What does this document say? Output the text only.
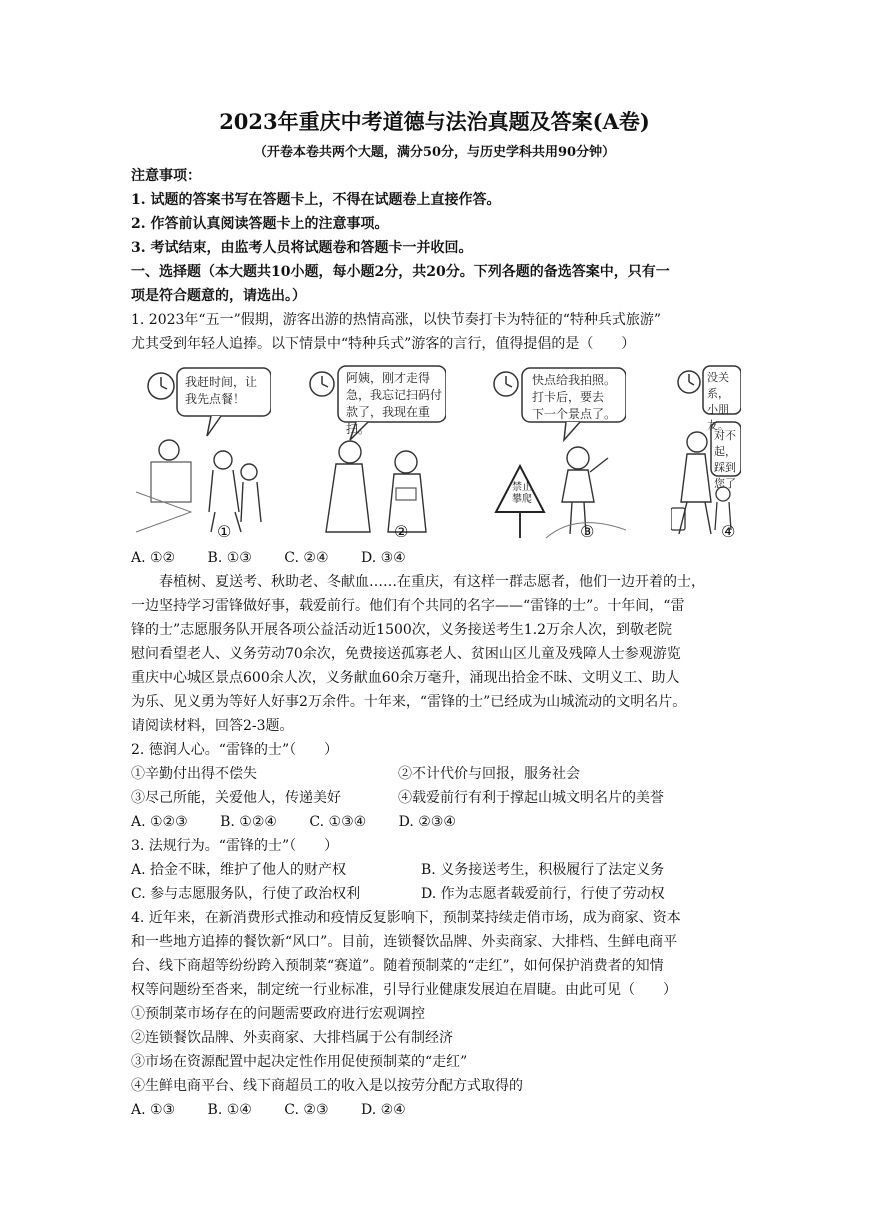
2023年重庆中考道德与法治真题及答案(A卷)
（开卷本卷共两个大题，满分50分，与历史学科共用90分钟）
注意事项：
1. 试题的答案书写在答题卡上，不得在试题卷上直接作答。
2. 作答前认真阅读答题卡上的注意事项。
3. 考试结束，由监考人员将试题卷和答题卡一并收回。
一、选择题（本大题共10小题，每小题2分，共20分。下列各题的备选答案中，只有一
项是符合题意的，请选出。）
1. 2023年“五一”假期，游客出游的热情高涨，以快节奏打卡为特征的“特种兵式旅游”
尤其受到年轻人追捧。以下情景中“特种兵式”游客的言行，值得提倡的是（　　）
我赶时间，让
我先点餐！
①
阿姨，刚才走得
急，我忘记扫码付
款了，我现在重扫。
②
快点给我拍照。
打卡后，要去
下一个景点了。
禁止攀爬
③
没关系，
小朋友。
对不起，
踩到您了
④
A. ①②　　 B. ①③　　 C. ②④　　 D. ③④
春植树、夏送考、秋助老、冬献血……在重庆，有这样一群志愿者，他们一边开着的士，
一边坚持学习雷锋做好事，载爱前行。他们有个共同的名字——“雷锋的士”。十年间，“雷
锋的士”志愿服务队开展各项公益活动近1500次，义务接送考生1.2万余人次，到敬老院
慰问看望老人、义务劳动70余次，免费接送孤寡老人、贫困山区儿童及残障人士参观游览
重庆中心城区景点600余人次，义务献血60余万毫升，涌现出拾金不昧、文明义工、助人
为乐、见义勇为等好人好事2万余件。十年来，“雷锋的士”已经成为山城流动的文明名片。
请阅读材料，回答2-3题。
2. 德润人心。“雷锋的士”（　　）
①辛勤付出得不偿失	②不计代价与回报，服务社会
③尽己所能，关爱他人，传递美好	④载爱前行有利于撑起山城文明名片的美誉
A. ①②③　　 B. ①②④　　 C. ①③④　　 D. ②③④
3. 法规行为。“雷锋的士”（　　）
A. 拾金不昧，维护了他人的财产权	B. 义务接送考生，积极履行了法定义务
C. 参与志愿服务队，行使了政治权利	D. 作为志愿者载爱前行，行使了劳动权
4. 近年来，在新消费形式推动和疫情反复影响下，预制菜持续走俏市场，成为商家、资本
和一些地方追捧的餐饮新“风口”。目前，连锁餐饮品牌、外卖商家、大排档、生鲜电商平
台、线下商超等纷纷跨入预制菜“赛道”。随着预制菜的“走红”，如何保护消费者的知情
权等问题纷至沓来，制定统一行业标准，引导行业健康发展迫在眉睫。由此可见（　　）
①预制菜市场存在的问题需要政府进行宏观调控
②连锁餐饮品牌、外卖商家、大排档属于公有制经济
③市场在资源配置中起决定性作用促使预制菜的“走红”
④生鲜电商平台、线下商超员工的收入是以按劳分配方式取得的
A. ①③　　 B. ①④　　 C. ②③　　 D. ②④
